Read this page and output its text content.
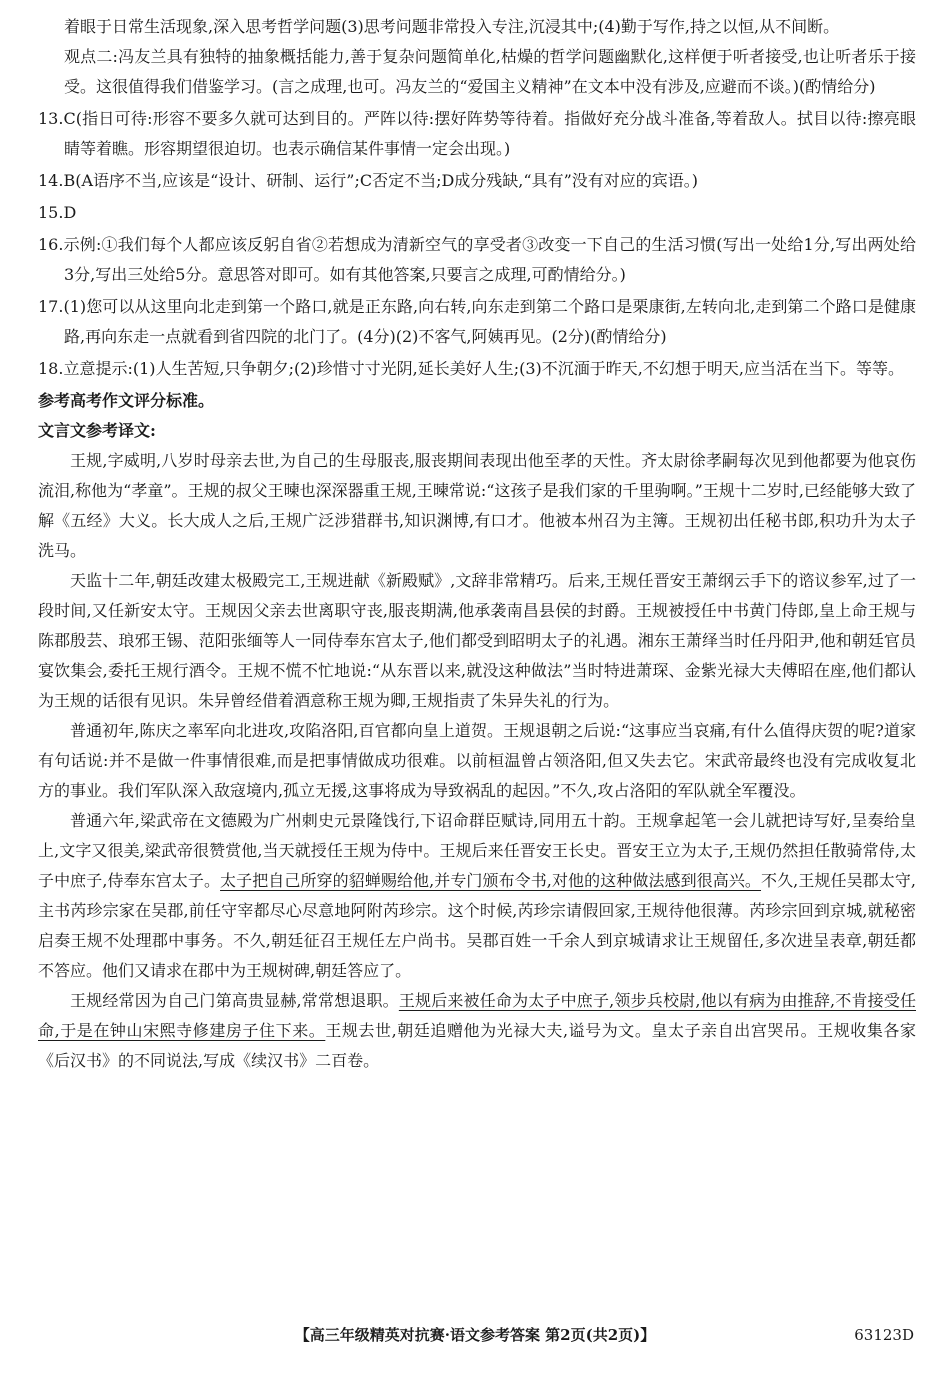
着眼于日常生活现象,深入思考哲学问题(3)思考问题非常投入专注,沉浸其中;(4)勤于写作,持之以恒,从不间断。

观点二:冯友兰具有独特的抽象概括能力,善于复杂问题简单化,枯燥的哲学问题幽默化,这样便于听者接受,也让听者乐于接受。这很值得我们借鉴学习。(言之成理,也可。冯友兰的“爱国主义精神”在文本中没有涉及,应避而不谈。)(酌情给分)

13.C(指日可待:形容不要多久就可达到目的。严阵以待:摆好阵势等待着。指做好充分战斗准备,等着敌人。拭目以待:擦亮眼睛等着瞧。形容期望很迫切。也表示确信某件事情一定会出现。)

14.B(A语序不当,应该是“设计、研制、运行”;C否定不当;D成分残缺,“具有”没有对应的宾语。)

15.D

16.示例:①我们每个人都应该反躬自省②若想成为清新空气的享受者③改变一下自己的生活习惯(写出一处给1分,写出两处给3分,写出三处给5分。意思答对即可。如有其他答案,只要言之成理,可酌情给分。)

17.(1)您可以从这里向北走到第一个路口,就是正东路,向右转,向东走到第二个路口是栗康街,左转向北,走到第二个路口是健康路,再向东走一点就看到省四院的北门了。(4分)(2)不客气,阿姨再见。(2分)(酌情给分)

18.立意提示:(1)人生苦短,只争朝夕;(2)珍惜寸寸光阴,延长美好人生;(3)不沉湎于昨天,不幻想于明天,应当活在当下。等等。

参考高考作文评分标准。

文言文参考译文:

王规,字威明,八岁时母亲去世,为自己的生母服丧,服丧期间表现出他至孝的天性。齐太尉徐孝嗣每次见到他都要为他哀伤流泪,称他为“孝童”。王规的叔父王暕也深深器重王规,王暕常说:“这孩子是我们家的千里驹啊。”王规十二岁时,已经能够大致了解《五经》大义。长大成人之后,王规广泛涉猎群书,知识渊博,有口才。他被本州召为主簿。王规初出任秘书郎,积功升为太子洗马。

天监十二年,朝廷改建太极殿完工,王规进献《新殿赋》,文辞非常精巧。后来,王规任晋安王萧纲云手下的谘议参军,过了一段时间,又任新安太守。王规因父亲去世离职守丧,服丧期满,他承袭南昌县侯的封爵。王规被授任中书黄门侍郎,皇上命王规与陈郡殷芸、琅邪王锡、范阳张缅等人一同侍奉东宫太子,他们都受到昭明太子的礼遇。湘东王萧绎当时任丹阳尹,他和朝廷官员宴饮集会,委托王规行酒令。王规不慌不忙地说:“从东晋以来,就没这种做法”当时特进萧琛、金紫光禄大夫傅昭在座,他们都认为王规的话很有见识。朱异曾经借着酒意称王规为卿,王规指责了朱异失礼的行为。

普通初年,陈庆之率军向北进攻,攻陷洛阳,百官都向皇上道贺。王规退朝之后说:“这事应当哀痛,有什么值得庆贺的呢?道家有句话说:并不是做一件事情很难,而是把事情做成功很难。以前桓温曾占领洛阳,但又失去它。宋武帝最终也没有完成收复北方的事业。我们军队深入敌寇境内,孤立无援,这事将成为导致祸乱的起因。”不久,攻占洛阳的军队就全军覆没。

普通六年,梁武帝在文德殿为广州刺史元景隆饯行,下诏命群臣赋诗,同用五十韵。王规拿起笔一会儿就把诗写好,呈奏给皇上,文字又很美,梁武帝很赞赏他,当天就授任王规为侍中。王规后来任晋安王长史。晋安王立为太子,王规仍然担任散骑常侍,太子中庶子,侍奉东宫太子。太子把自己所穿的貂蝉赐给他,并专门颁布令书,对他的这种做法感到很高兴。不久,王规任吴郡太守,主书芮珍宗家在吴郡,前任守宰都尽心尽意地阿附芮珍宗。这个时候,芮珍宗请假回家,王规待他很薄。芮珍宗回到京城,就秘密启奏王规不处理郡中事务。不久,朝廷征召王规任左户尚书。吴郡百姓一千余人到京城请求让王规留任,多次进呈表章,朝廷都不答应。他们又请求在郡中为王规树碑,朝廷答应了。

王规经常因为自己门第高贵显赫,常常想退职。王规后来被任命为太子中庶子,领步兵校尉,他以有病为由推辞,不肯接受任命,于是在钟山宋熙寺修建房子住下来。王规去世,朝廷追赠他为光禄大夫,谥号为文。皇太子亲自出宫哭吊。王规收集各家《后汉书》的不同说法,写成《续汉书》二百卷。

【高三年级精英对抗赛·语文参考答案 第2页(共2页)】	63123D
